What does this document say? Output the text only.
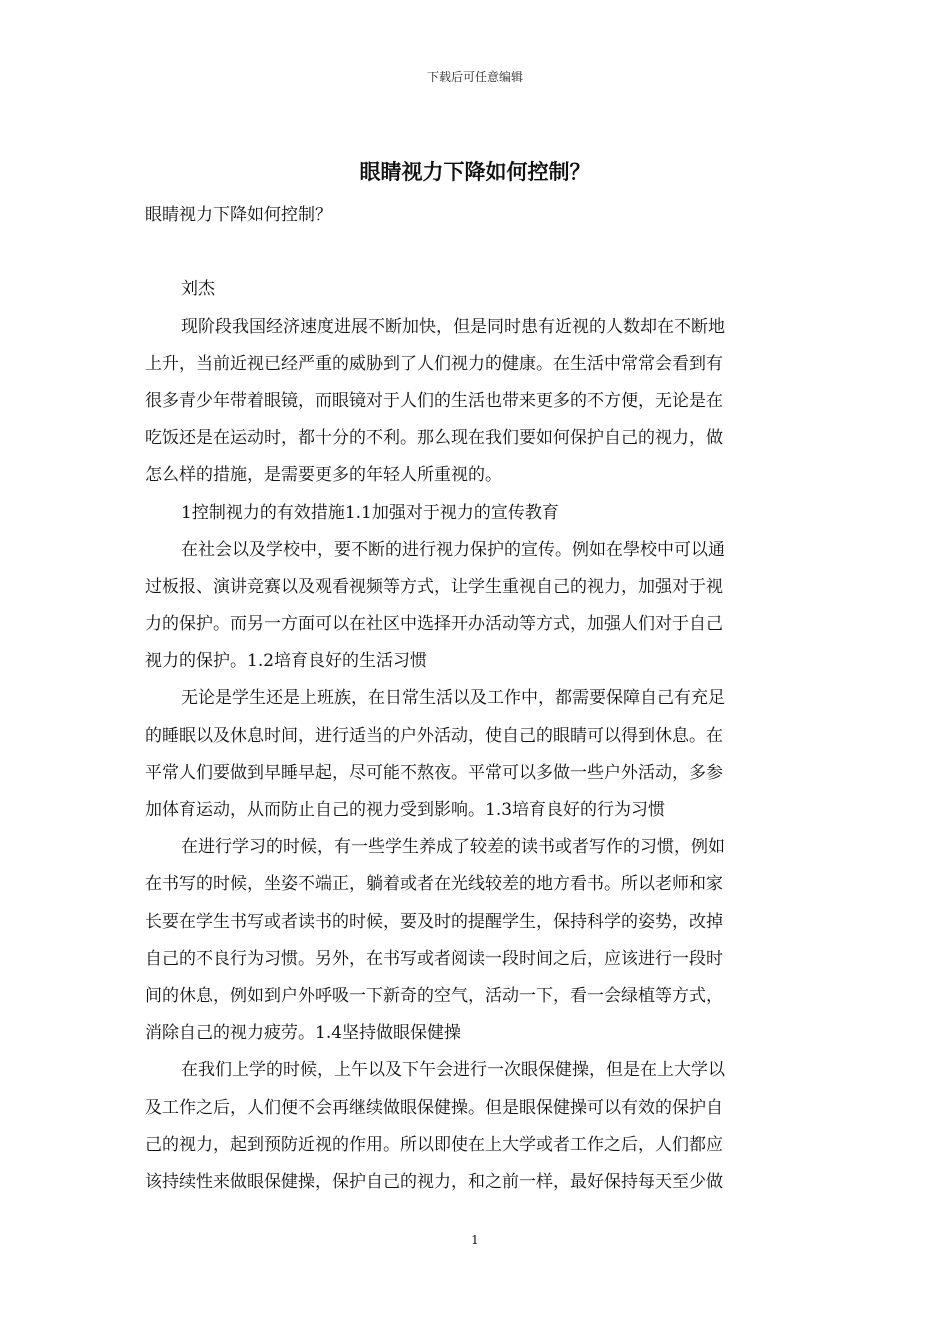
下载后可任意编辑
眼睛视力下降如何控制？
眼睛视力下降如何控制？
刘杰
现阶段我国经济速度进展不断加快，但是同时患有近视的人数却在不断地
上升，当前近视已经严重的威胁到了人们视力的健康。在生活中常常会看到有
很多青少年带着眼镜，而眼镜对于人们的生活也带来更多的不方便，无论是在
吃饭还是在运动时，都十分的不利。那么现在我们要如何保护自己的视力，做
怎么样的措施，是需要更多的年轻人所重视的。
1控制视力的有效措施1.1加强对于视力的宣传教育
在社会以及学校中，要不断的进行视力保护的宣传。例如在學校中可以通
过板报、演讲竞赛以及观看视频等方式，让学生重视自己的视力，加强对于视
力的保护。而另一方面可以在社区中选择开办活动等方式，加强人们对于自己
视力的保护。1.2培育良好的生活习惯
无论是学生还是上班族，在日常生活以及工作中，都需要保障自己有充足
的睡眠以及休息时间，进行适当的户外活动，使自己的眼睛可以得到休息。在
平常人们要做到早睡早起，尽可能不熬夜。平常可以多做一些户外活动，多参
加体育运动，从而防止自己的视力受到影响。1.3培育良好的行为习惯
在进行学习的时候，有一些学生养成了较差的读书或者写作的习惯，例如
在书写的时候，坐姿不端正，躺着或者在光线较差的地方看书。所以老师和家
长要在学生书写或者读书的时候，要及时的提醒学生，保持科学的姿势，改掉
自己的不良行为习惯。另外，在书写或者阅读一段时间之后，应该进行一段时
间的休息，例如到户外呼吸一下新奇的空气，活动一下，看一会绿植等方式，
消除自己的视力疲劳。1.4坚持做眼保健操
在我们上学的时候，上午以及下午会进行一次眼保健操，但是在上大学以
及工作之后，人们便不会再继续做眼保健操。但是眼保健操可以有效的保护自
己的视力，起到预防近视的作用。所以即使在上大学或者工作之后，人们都应
该持续性来做眼保健操，保护自己的视力，和之前一样，最好保持每天至少做
1
